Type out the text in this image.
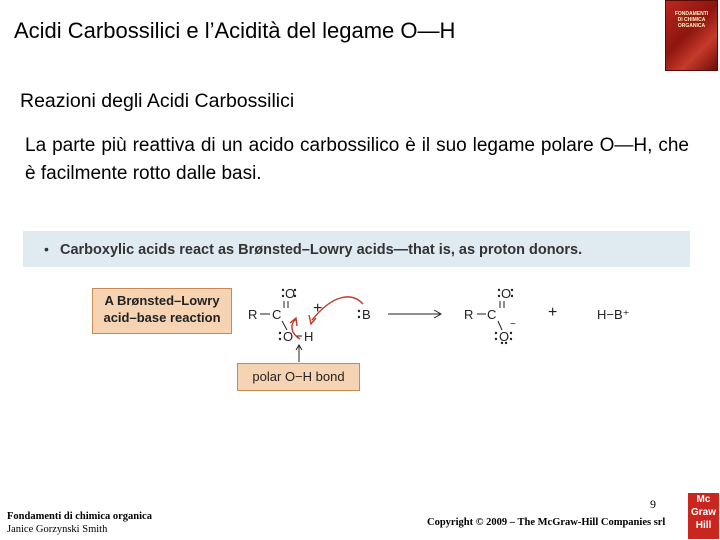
Acidi Carbossilici e l’Acidità del legame O—H
FONDAMENTI
DI CHIMICA
ORGANICA
Reazioni degli Acidi Carbossilici
La parte più reattiva di un acido carbossilico è il suo legame polare O—H, che è facilmente rotto dalle basi.
• Carboxylic acids react as Brønsted–Lowry acids—that is, as proton donors.
A Brønsted–Lowry
acid–base reaction	R C
O
O H
+	B	R C
O
O
−
+	H−B⁺
polar O−H bond
Fondamenti di chimica organica
Janice Gorzynski Smith
9
Copyright © 2009 – The McGraw-Hill Companies srl
Mc
Graw
Hill
